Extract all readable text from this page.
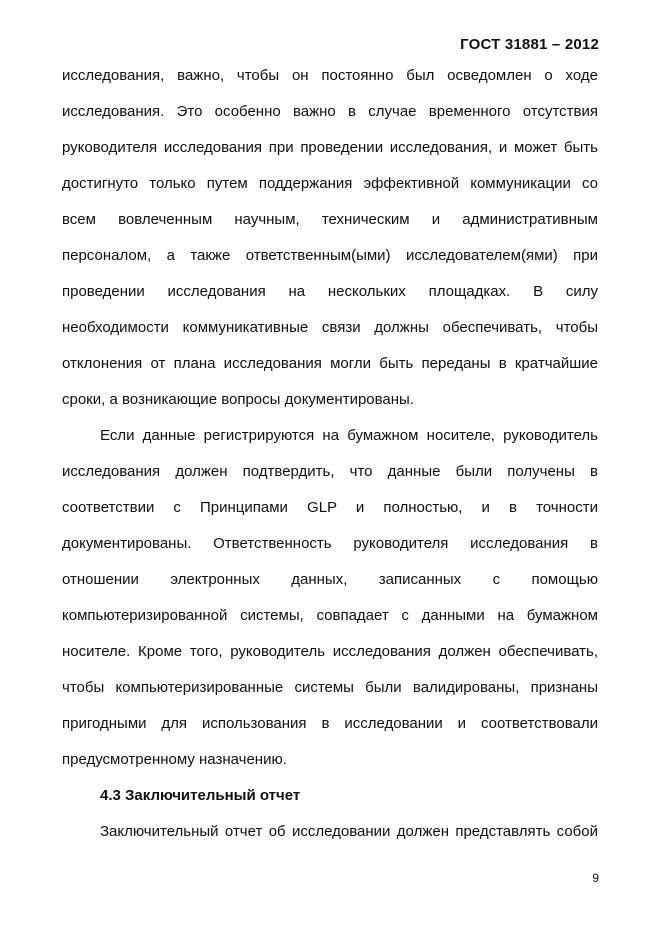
ГОСТ 31881 – 2012
исследования, важно, чтобы он постоянно был осведомлен о ходе
исследования. Это особенно важно в случае временного отсутствия
руководителя исследования при проведении исследования, и может быть
достигнуто только путем поддержания эффективной коммуникации со
всем вовлеченным научным, техническим и административным
персоналом, а также ответственным(ыми) исследователем(ями) при
проведении исследования на нескольких площадках. В силу
необходимости коммуникативные связи должны обеспечивать, чтобы
отклонения от плана исследования могли быть переданы в кратчайшие
сроки, а возникающие вопросы документированы.
Если данные регистрируются на бумажном носителе, руководитель
исследования должен подтвердить, что данные были получены в
соответствии с Принципами GLP и полностью, и в точности
документированы. Ответственность руководителя исследования в
отношении электронных данных, записанных с помощью
компьютеризированной системы, совпадает с данными на бумажном
носителе. Кроме того, руководитель исследования должен обеспечивать,
чтобы компьютеризированные системы были валидированы, признаны
пригодными для использования в исследовании и соответствовали
предусмотренному назначению.
4.3 Заключительный отчет
Заключительный отчет об исследовании должен представлять собой
9
